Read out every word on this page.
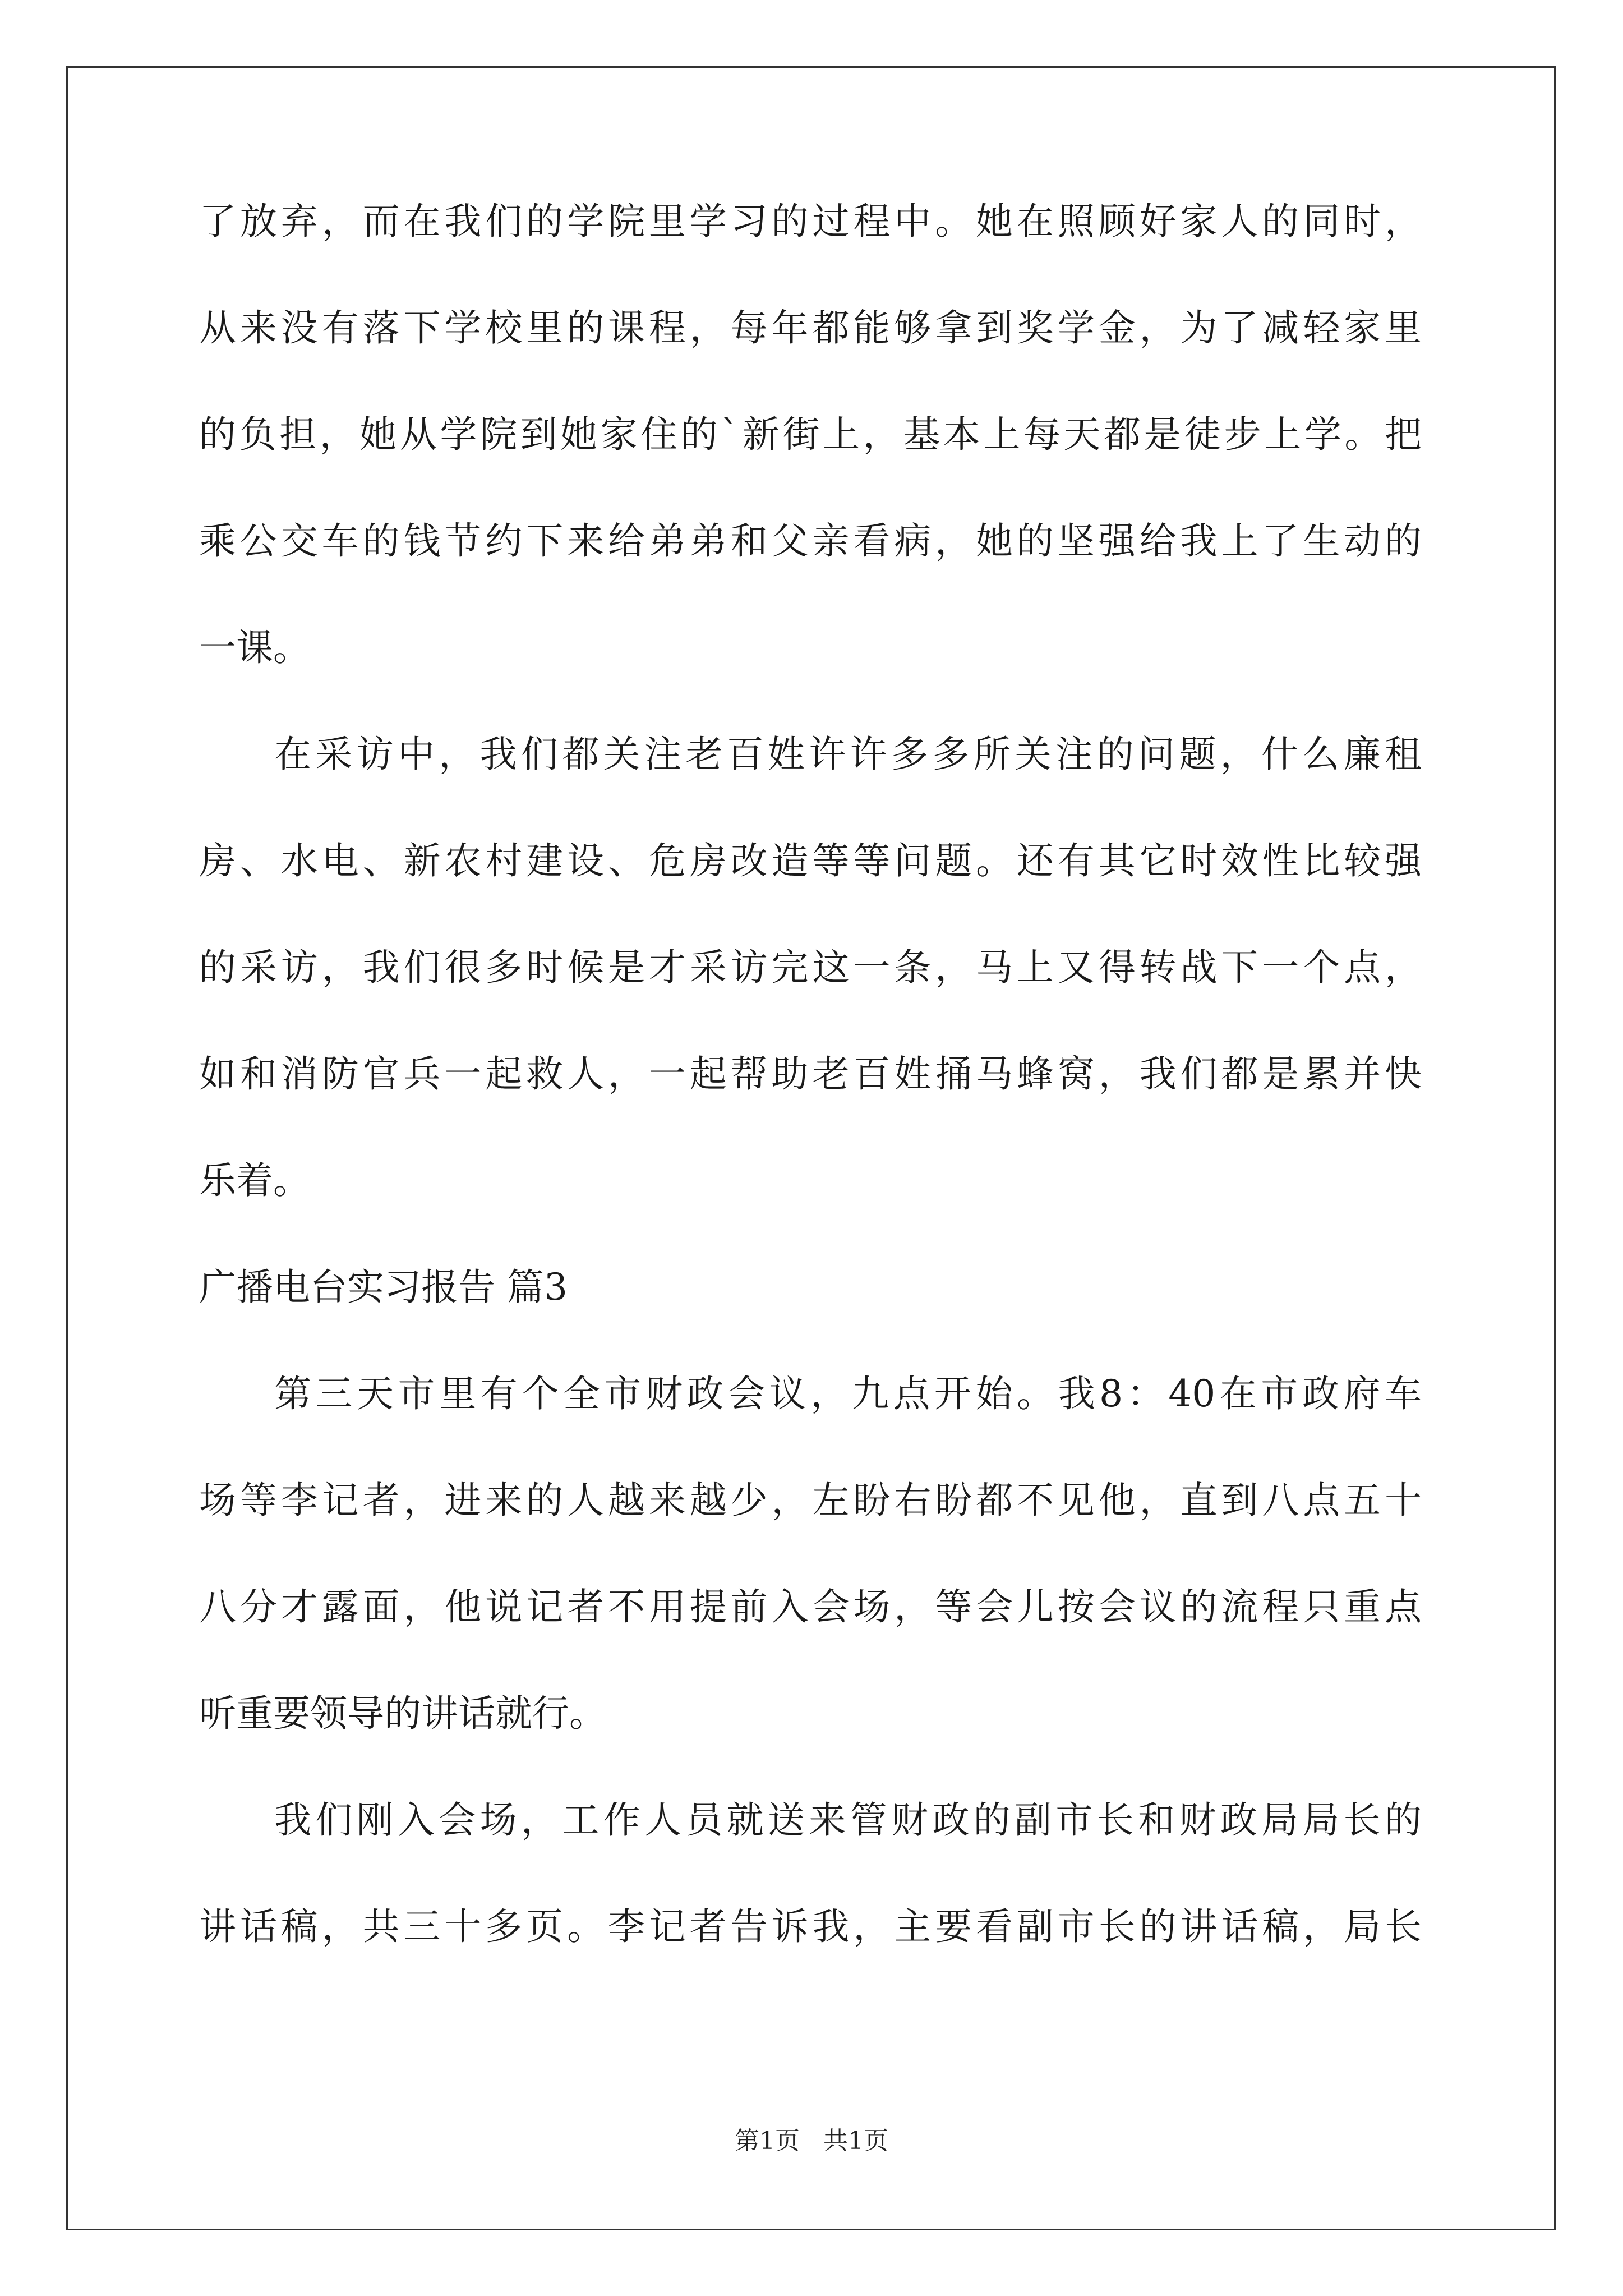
了放弃，而在我们的学院里学习的过程中。她在照顾好家人的同时，
从来没有落下学校里的课程，每年都能够拿到奖学金，为了减轻家里
的负担，她从学院到她家住的`新街上，基本上每天都是徒步上学。把
乘公交车的钱节约下来给弟弟和父亲看病，她的坚强给我上了生动的
一课。
在采访中，我们都关注老百姓许许多多所关注的问题，什么廉租
房、水电、新农村建设、危房改造等等问题。还有其它时效性比较强
的采访，我们很多时候是才采访完这一条，马上又得转战下一个点，
如和消防官兵一起救人，一起帮助老百姓捅马蜂窝，我们都是累并快
乐着。
广播电台实习报告 篇3
第三天市里有个全市财政会议，九点开始。我8：40在市政府车
场等李记者，进来的人越来越少，左盼右盼都不见他，直到八点五十
八分才露面，他说记者不用提前入会场，等会儿按会议的流程只重点
听重要领导的讲话就行。
我们刚入会场，工作人员就送来管财政的副市长和财政局局长的
讲话稿，共三十多页。李记者告诉我，主要看副市长的讲话稿，局长
第1页 共1页
